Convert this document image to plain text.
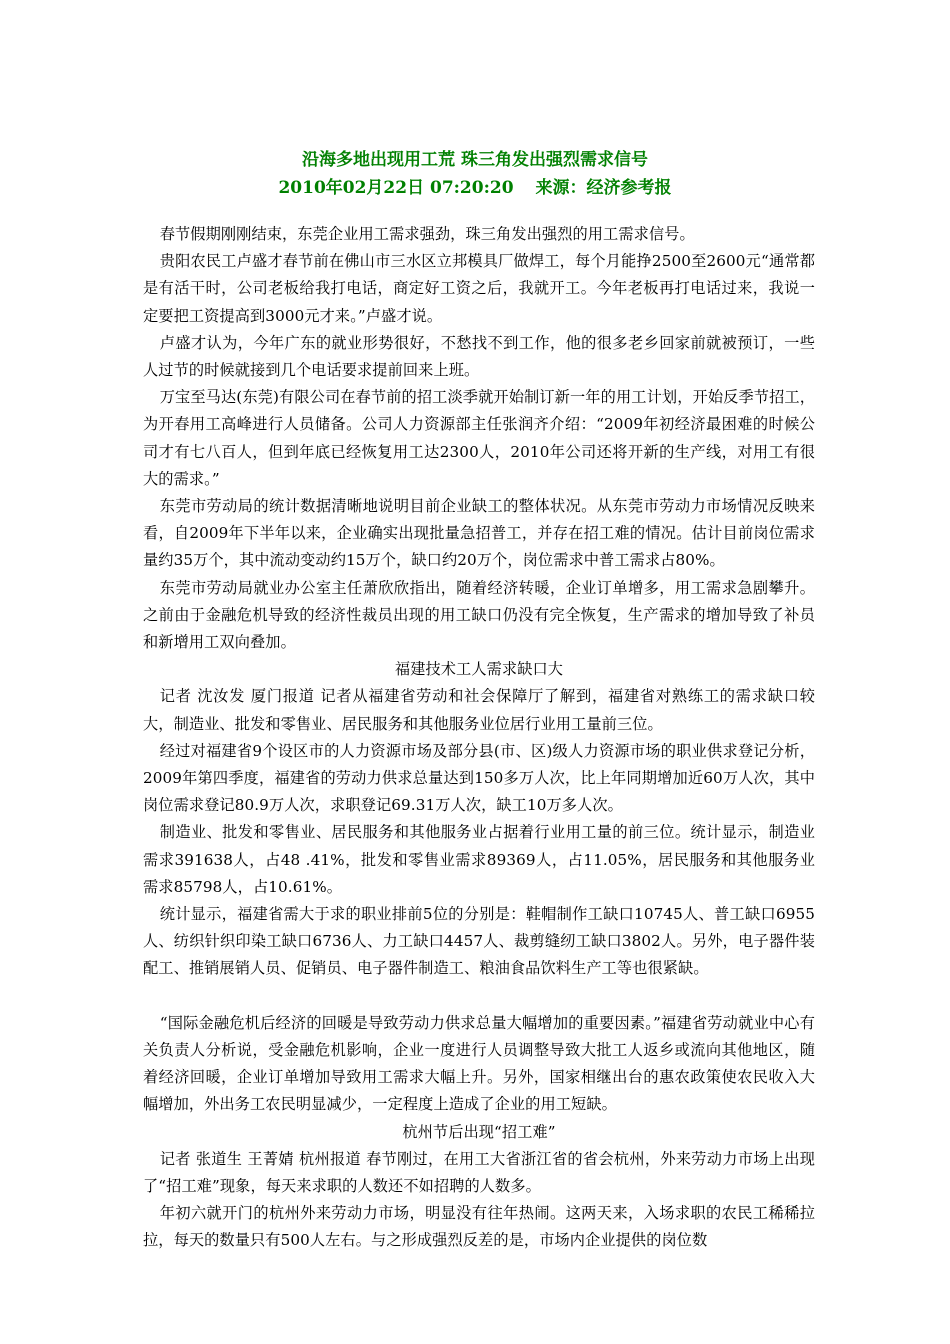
沿海多地出现用工荒 珠三角发出强烈需求信号
2010年02月22日 07:20:20 来源：经济参考报

春节假期刚刚结束，东莞企业用工需求强劲，珠三角发出强烈的用工需求信号。

贵阳农民工卢盛才春节前在佛山市三水区立邦模具厂做焊工，每个月能挣2500至2600元“通常都是有活干时，公司老板给我打电话，商定好工资之后，我就开工。今年老板再打电话过来，我说一定要把工资提高到3000元才来。”卢盛才说。

卢盛才认为，今年广东的就业形势很好，不愁找不到工作，他的很多老乡回家前就被预订，一些人过节的时候就接到几个电话要求提前回来上班。

万宝至马达(东莞)有限公司在春节前的招工淡季就开始制订新一年的用工计划，开始反季节招工，为开春用工高峰进行人员储备。公司人力资源部主任张润齐介绍：“2009年初经济最困难的时候公司才有七八百人，但到年底已经恢复用工达2300人，2010年公司还将开新的生产线，对用工有很大的需求。”

东莞市劳动局的统计数据清晰地说明目前企业缺工的整体状况。从东莞市劳动力市场情况反映来看，自2009年下半年以来，企业确实出现批量急招普工，并存在招工难的情况。估计目前岗位需求量约35万个，其中流动变动约15万个，缺口约20万个，岗位需求中普工需求占80%。

东莞市劳动局就业办公室主任萧欣欣指出，随着经济转暖，企业订单增多，用工需求急剧攀升。之前由于金融危机导致的经济性裁员出现的用工缺口仍没有完全恢复，生产需求的增加导致了补员和新增用工双向叠加。

福建技术工人需求缺口大

记者 沈汝发 厦门报道 记者从福建省劳动和社会保障厅了解到，福建省对熟练工的需求缺口较大，制造业、批发和零售业、居民服务和其他服务业位居行业用工量前三位。

经过对福建省9个设区市的人力资源市场及部分县(市、区)级人力资源市场的职业供求登记分析，2009年第四季度，福建省的劳动力供求总量达到150多万人次，比上年同期增加近60万人次，其中岗位需求登记80.9万人次，求职登记69.31万人次，缺工10万多人次。

制造业、批发和零售业、居民服务和其他服务业占据着行业用工量的前三位。统计显示，制造业需求391638人，占48 .41%，批发和零售业需求89369人，占11.05%，居民服务和其他服务业需求85798人，占10.61%。

统计显示，福建省需大于求的职业排前5位的分别是：鞋帽制作工缺口10745人、普工缺口6955人、纺织针织印染工缺口6736人、力工缺口4457人、裁剪缝纫工缺口3802人。另外，电子器件装配工、推销展销人员、促销员、电子器件制造工、粮油食品饮料生产工等也很紧缺。

“国际金融危机后经济的回暖是导致劳动力供求总量大幅增加的重要因素。”福建省劳动就业中心有关负责人分析说，受金融危机影响，企业一度进行人员调整导致大批工人返乡或流向其他地区，随着经济回暖，企业订单增加导致用工需求大幅上升。另外，国家相继出台的惠农政策使农民收入大幅增加，外出务工农民明显减少，一定程度上造成了企业的用工短缺。

杭州节后出现“招工难”

记者 张道生 王菁婧 杭州报道 春节刚过，在用工大省浙江省的省会杭州，外来劳动力市场上出现了“招工难”现象，每天来求职的人数还不如招聘的人数多。

年初六就开门的杭州外来劳动力市场，明显没有往年热闹。这两天来，入场求职的农民工稀稀拉拉，每天的数量只有500人左右。与之形成强烈反差的是，市场内企业提供的岗位数
